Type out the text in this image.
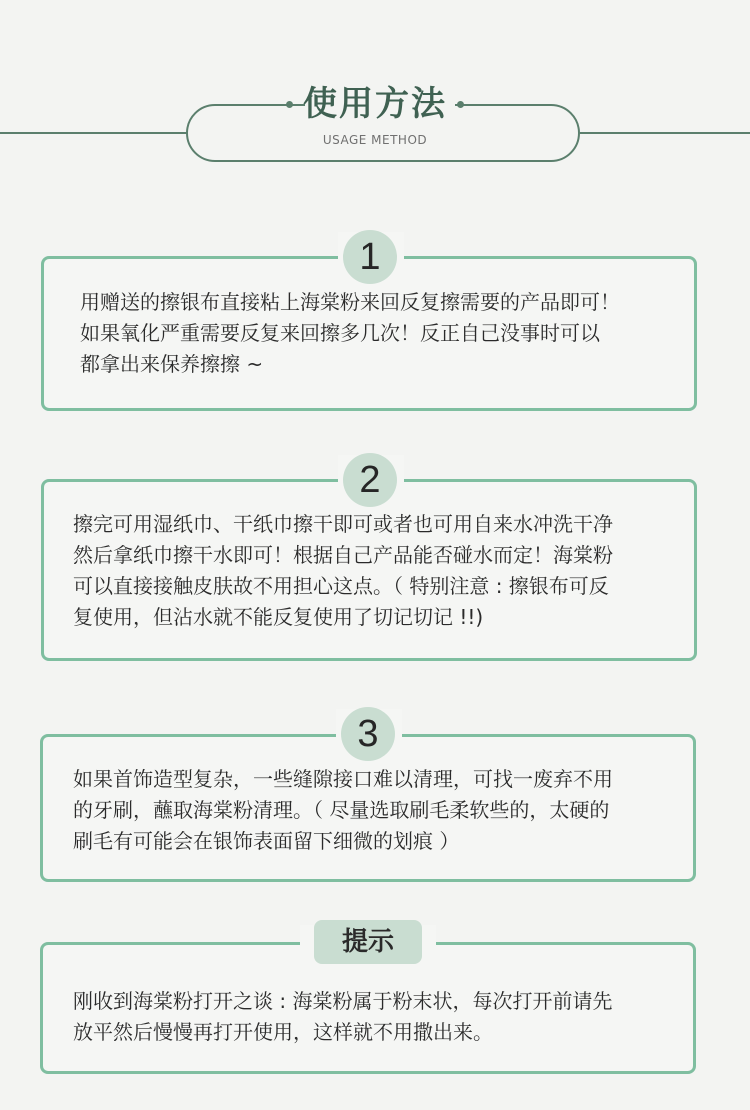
使用方法
USAGE METHOD
1
用赠送的擦银布直接粘上海棠粉来回反复擦需要的产品即可！
如果氧化严重需要反复来回擦多几次！反正自己没事时可以
都拿出来保养擦擦 ~
2
擦完可用湿纸巾、干纸巾擦干即可或者也可用自来水冲洗干净
然后拿纸巾擦干水即可！根据自己产品能否碰水而定！海棠粉
可以直接接触皮肤故不用担心这点。（ 特别注意 : 擦银布可反
复使用，但沾水就不能反复使用了切记切记 !!)
3
如果首饰造型复杂，一些缝隙接口难以清理，可找一废弃不用
的牙刷，蘸取海棠粉清理。（ 尽量选取刷毛柔软些的，太硬的
刷毛有可能会在银饰表面留下细微的划痕 ）
提示
刚收到海棠粉打开之谈 : 海棠粉属于粉末状，每次打开前请先
放平然后慢慢再打开使用，这样就不用撒出来。
